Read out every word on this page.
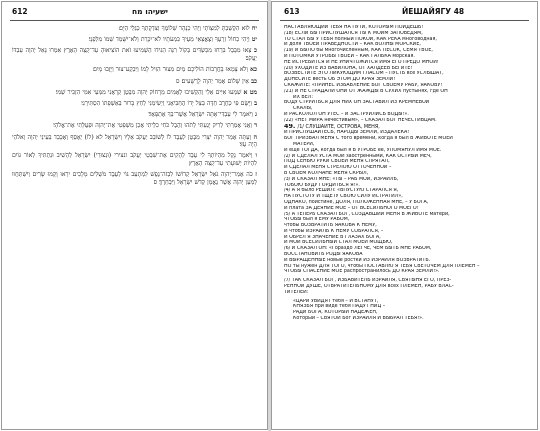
612	ישעיהו מח
יח לוּא הִקְשַׁבְתָּ לְמִצְוֹתָי וַיְהִי כַנָּהָר שְׁלוֹמֶךָ וְצִדְקָתְךָ כְּגַלֵּי הַיָּם׃
יט וַיְהִי כַחוֹל זַרְעֶךָ וְצֶאֱצָאֵי מֵעֶיךָ כִּמְעֹתָיו לֹא־יִכָּרֵת וְלֹא־יִשָּׁמֵד שְׁמוֹ מִלְּפָנָי׃
כ צְאוּ מִבָּבֶל בִּרְחוּ מִכַּשְׂדִּים בְּקוֹל רִנָּה הַגִּידוּ הַשְׁמִיעוּ זֹאת הוֹצִיאוּהָ עַד־קְצֵה הָאָרֶץ אִמְרוּ גָּאַל יְהוָה עַבְדּוֹ יַעֲקֹב׃
כא וְלֹא צָמְאוּ בָּחֳרָבוֹת הוֹלִיכָם מַיִם מִצּוּר הִזִּיל לָמוֹ וַיִּבְקַע־צוּר וַיָּזֻבוּ מָיִם׃
כב אֵין שָׁלוֹם אָמַר יְהוָה לָרְשָׁעִים׃ ס
מט א שִׁמְעוּ אִיִּים אֵלַי וְהַקְשִׁיבוּ לְאֻמִּים מֵרָחוֹק יְהוָה מִבֶּטֶן קְרָאָנִי מִמְּעֵי אִמִּי הִזְכִּיר שְׁמִי׃
ב וַיָּשֶׂם פִּי כְּחֶרֶב חַדָּה בְּצֵל יָדוֹ הֶחְבִּיאָנִי וַיְשִׂימֵנִי לְחֵץ בָּרוּר בְּאַשְׁפָּתוֹ הִסְתִּירָנִי׃
ג וַיֹּאמֶר לִי עַבְדִּי־אָתָּה יִשְׂרָאֵל אֲשֶׁר־בְּךָ אֶתְפָּאָר׃
ד וַאֲנִי אָמַרְתִּי לְרִיק יָגַעְתִּי לְתֹהוּ וְהֶבֶל כֹּחִי כִלֵּיתִי אָכֵן מִשְׁפָּטִי אֶת־יְהוָה וּפְעֻלָּתִי אֶת־אֱלֹהָי׃
ה וְעַתָּה אָמַר יְהוָה יֹצְרִי מִבֶּטֶן לְעֶבֶד לוֹ לְשׁוֹבֵב יַעֲקֹב אֵלָיו וְיִשְׂרָאֵל לא (לוֹ) יֵאָסֵף וְאֶכָּבֵד בְּעֵינֵי יְהוָה וֵאלֹהַי הָיָה עֻזִּי׃
ו וַיֹּאמֶר נָקֵל מִהְיוֹתְךָ לִי עֶבֶד לְהָקִים אֶת־שִׁבְטֵי יַעֲקֹב ונצירי (וּנְצוּרֵי) יִשְׂרָאֵל לְהָשִׁיב וּנְתַתִּיךָ לְאוֹר גּוֹיִם לִהְיוֹת יְשׁוּעָתִי עַד־קְצֵה הָאָרֶץ׃
ז כֹּה אָמַר־יְהוָה גֹּאֵל יִשְׂרָאֵל קְדוֹשׁוֹ לִבְזֹה־נֶפֶשׁ לִמְתָעֵב גּוֹי לְעֶבֶד מֹשְׁלִים מְלָכִים יִרְאוּ וָקָמוּ שָׂרִים וְיִשְׁתַּחֲווּ לְמַעַן יְהוָה אֲשֶׁר נֶאֱמָן קְדֹשׁ יִשְׂרָאֵל וַיִּבְחָרֶךָּ׃ ס
613	ЙЕШАЙЯГУ 48
НАСТАВЛЯЮЩИЙ ТЕБЯ НА ПУТИ, КОТОРЫМ ПОЙДЕШЬ!
/18/ ЕСЛИ БЫ ПРИСЛУШАЛСЯ ТЫ К МОИМ ЗАПОВЕДЯМ,
ТО СТАЛ БЫ У ТЕБЯ полный ПОКОЙ, КАК РЕКА многоводная,
И доля ТВОЕЙ ПРАВЕДНОСТИ – КАК ВОЛНЫ МОРСКИЕ,
/19/ И БЫЛО бы многочисленным, КАК ПЕСОК, СЕМЯ ТВОЕ,
И ПОТОМКИ УТРОБЫ ТВОЕЙ – КАК ГАЛЬКА морская.
НЕ ИСТРЕБИТСЯ И НЕ УНИЧТОЖИТСЯ ИМЯ ЕГО ПРЕДО МНОЙ!
/20/ УХОДИТЕ ИЗ ВАВИЛОНА, ОТ ХАЛДЕЕВ БЕГИТЕ!
ВОЗВЕСТИТЕ ЭТО ЛИКУЮЩИМ ГЛАСОМ – ПУСТЬ все УСЛЫШАТ,
ДОНЕСИТЕ весть ОБ ЭТОМ ДО КРАЯ ЗЕМЛИ!
СКАЖИТЕ: «ПРИНЕС ИЗБАВЛЕНИЕ БОГ СВОЕМУ РАБУ, ЯАКОВУ!
/21/ И НЕ СТРАДАЛИ ОНИ ОТ ЖАЖДЫ В СУХИХ пустынях, где ОН
ИХ ВЕЛ:
ВОДУ СТРУИТЬСЯ ДЛЯ НИХ ОН ЗАСТАВИЛ ИЗ КРЕМНЕВОЙ
СКАЛЫ,
И РАСКОЛОЛ ОН УТЕС – И ЗАСТРУИЛИСЬ ВОДЫ!».
/22/ «НЕТ МИРА нечестивым», – СКАЗАЛ БОГ НЕЧЕСТИВЦАМ.
49. /1/ СЛУШАЙТЕ, ОСТРОВА, МЕНЯ,
И ПРИСЛУШАЙТЕСЬ, НАРОДЫ ЗЕМЛИ, ИЗДАЛЕКА!
БОГ ПРИЗВАЛ МЕНЯ С того времени, когда я был В ЖИВОТЕ МОЕЙ
МАТЕРИ,
И еще ТОГДА, когда был я В УТРОБЕ ее, УПОМЯНУЛ ИМЯ МОЕ.
/2/ И СДЕЛАЛ УСТА МОИ заостренными, КАК ОСТРЫЙ МЕЧ,
ПОД СЕНЬЮ РУКИ СВОЕЙ МЕНЯ СПРЯТАЛ,
И СДЕЛАЛ МЕНЯ СТРЕЛОЮ ОТТОЧЕННОЙ –
В СВОЕМ КОЛЧАНЕ МЕНЯ СКРЫЛ,
/3/ И СКАЗАЛ МНЕ: «ТЫ – РАБ МОЙ, ИЗРАИЛЬ,
ТОБОЮ БУДУ ГОРДИТЬСЯ Я!».
/4/ А Я было РЕШИЛ: «ВПУСТУЮ СТАРАЛСЯ Я,
НА ПУСТОТУ И ТЩЕТУ СВОЮ СИЛУ ИСТРАТИЛ»,
ОДНАКО, поистине, ДОЛЯ, ПОЛОЖЕННАЯ МНЕ, – У БОГА,
И плата ЗА ДЕЯНИЕ МОЕ – ОТ ВСЕСИЛЬНОГО МОЕГО!
/5/ А ТЕПЕРЬ СКАЗАЛ БОГ, СОЗДАВШИЙ МЕНЯ В ЖИВОТЕ матери,
ЧТОБЫ был я ЕМУ РАБОМ,
чтобы ВОЗВРАТИТЬ ЯАКОВА К НЕМУ,
И чтобы ИЗРАИЛЬ К НЕМУ СОБРАЛСЯ, –
И ОБРЕЛ Я ЗНАЧЕНИЕ В ГЛАЗАХ БОГА,
И МОЙ ВСЕСИЛЬНЫЙ СТАЛ МОЕЙ МОЩЬЮ,
/6/ И СКАЗАЛ ОН: «Гораздо ЛЕГЧЕ, ЧЕМ БЫТЬ МНЕ РАБОМ,
ВОССТАНОВИТЬ РОДЫ ЯАКОВА
И ВЫРАЩЕННЫЕ новые ростки ИЗ ИЗРАИЛЯ ВОЗВРАТИТЬ.
НО ты нужен ДЛЯ ТОГО, чтобы ПОСТАВЛЮ Я ТЕБЯ СВЕТОЧЕМ ДЛЯ ПЛЕМЕН –
ЧТОБЫ СПАСЕНИЕ МОЕ распространилось ДО КРАЯ ЗЕМЛИ!».
/7/ ТАК СКАЗАЛ БОГ, ИЗБАВИТЕЛЬ ИЗРАИЛЯ, СВЯТЫНЯ ЕГО, ПРЕЗ-
РЕННОЙ ДУШЕ, ОТВРАТИТЕЛЬНОМУ ДЛЯ всех ПЛЕМЕН, РАБУ ВЛАС-
ТИТЕЛЕЙ:
«ЦАРИ УВИДЯТ тебя – И ВСТАНУТ,
КНЯЗЬЯ при виде тебя ПАДУТ НИЦ –
РАДИ БОГА, КОТОРЫЙ НАДЕЖЕН,
Который – СВЯТОЙ Бог ИЗРАИЛЯ И ВЫБРАЛ ТЕБЯ!».
